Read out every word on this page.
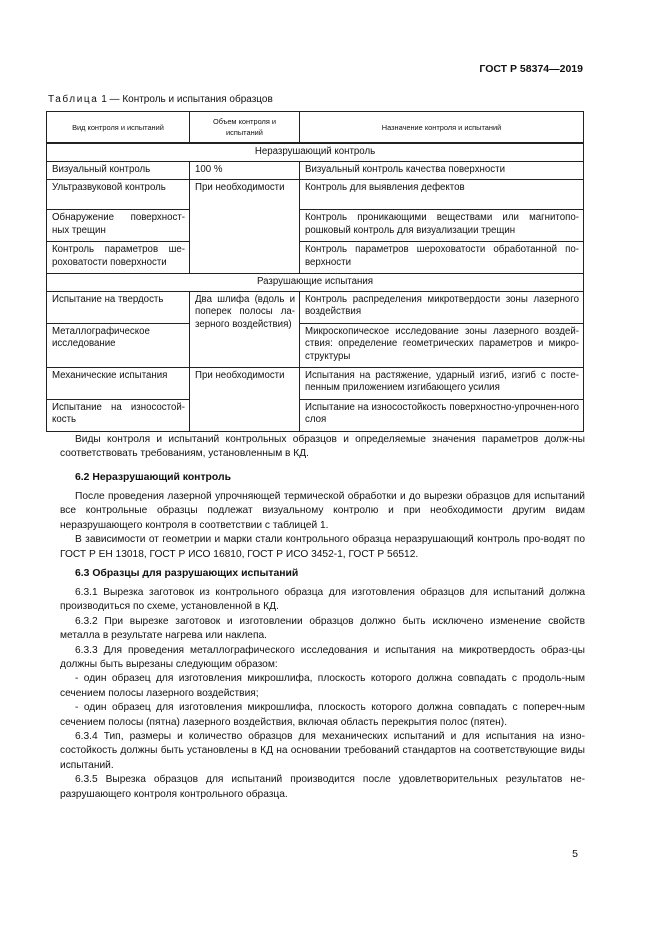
ГОСТ Р 58374—2019
Таблица 1 — Контроль и испытания образцов
Вид контроля и испытаний	Объем контроля и испытаний	Назначение контроля и испытаний
Неразрушающий контроль		
Визуальный контроль	100 %	Визуальный контроль качества поверхности
Ультразвуковой контроль	При необходимости	Контроль для выявления дефектов
Обнаружение поверхност-ных трещин		Контроль проникающими веществами или магнитопо-рошковый контроль для визуализации трещин
Контроль параметров ше-роховатости поверхности		Контроль параметров шероховатости обработанной по-верхности
Разрушающие испытания		
Испытание на твердость	Два шлифа (вдоль и поперек полосы ла-зерного воздействия)	Контроль распределения микротвердости зоны лазерного воздействия
Металлографическое исследование		Микроскопическое исследование зоны лазерного воздей-ствия: определение геометрических параметров и микро-структуры
Механические испытания	При необходимости	Испытания на растяжение, ударный изгиб, изгиб с посте-пенным приложением изгибающего усилия
Испытание на износостой-кость		Испытание на износостойкость поверхностно-упрочнен-ного слоя

Виды контроля и испытаний контрольных образцов и определяемые значения параметров долж-ны соответствовать требованиям, установленным в КД.

6.2 Неразрушающий контроль

После проведения лазерной упрочняющей термической обработки и до вырезки образцов для испытаний все контрольные образцы подлежат визуальному контролю и при необходимости другим видам неразрушающего контроля в соответствии с таблицей 1.

В зависимости от геометрии и марки стали контрольного образца неразрушающий контроль про-водят по ГОСТ Р ЕН 13018, ГОСТ Р ИСО 16810, ГОСТ Р ИСО 3452-1, ГОСТ Р 56512.

6.3 Образцы для разрушающих испытаний

6.3.1 Вырезка заготовок из контрольного образца для изготовления образцов для испытаний должна производиться по схеме, установленной в КД.

6.3.2 При вырезке заготовок и изготовлении образцов должно быть исключено изменение свойств металла в результате нагрева или наклепа.

6.3.3 Для проведения металлографического исследования и испытания на микротвердость образ-цы должны быть вырезаны следующим образом:

- один образец для изготовления микрошлифа, плоскость которого должна совпадать с продоль-ным сечением полосы лазерного воздействия;

- один образец для изготовления микрошлифа, плоскость которого должна совпадать с попереч-ным сечением полосы (пятна) лазерного воздействия, включая область перекрытия полос (пятен).

6.3.4 Тип, размеры и количество образцов для механических испытаний и для испытания на изно-состойкость должны быть установлены в КД на основании требований стандартов на соответствующие виды испытаний.

6.3.5 Вырезка образцов для испытаний производится после удовлетворительных результатов не-разрушающего контроля контрольного образца.

5
